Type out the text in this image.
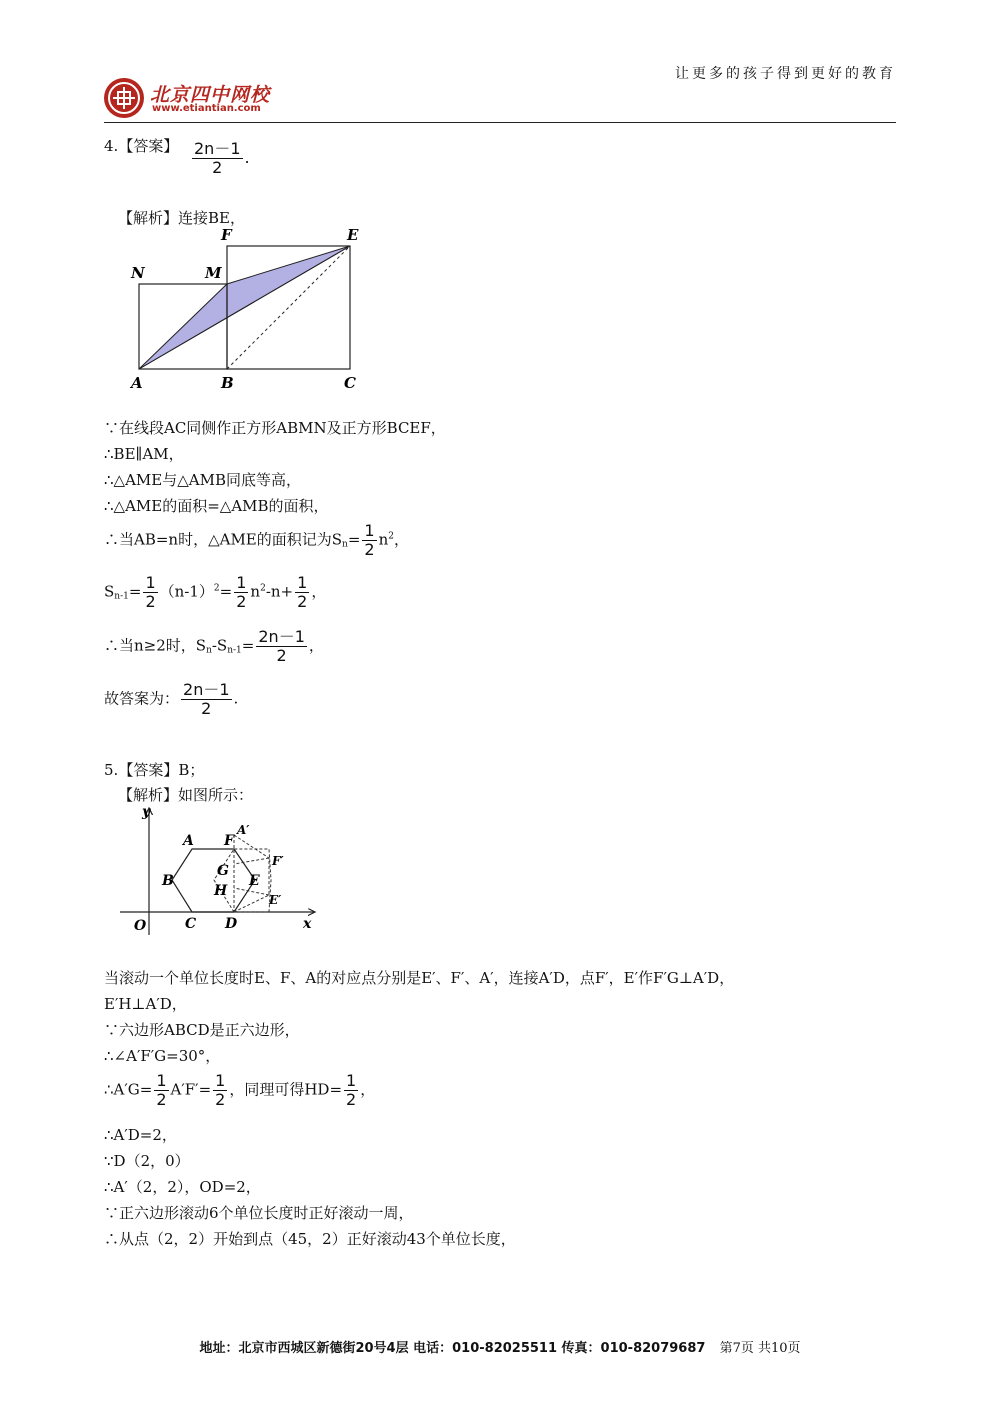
北京四中网校
www.etiantian.com
让更多的孩子得到更好的教育
4.【答案】 $\frac{2n-1}{2}$ .
【解析】连接BE，
F	E
N	M
A	B	C
∵在线段AC同侧作正方形ABMN及正方形BCEF，
∴BE∥AM，
∴△AME与△AMB同底等高，
∴△AME的面积=△AMB的面积，
∴当AB=n时，△AME的面积记为$S_n= \frac{1}{2} n^2$，
$S_{n-1}= \frac{1}{2} (n-1)^2= \frac{1}{2} n^2-n+ \frac{1}{2}$ ，
∴当n≥2时，$S_n-S_{n-1}= \frac{2n-1}{2}$ ，
故答案为： $\frac{2n-1}{2}$ .
5.【答案】B；
【解析】如图所示：
y
A F
A′
F′
B
G
H
E
E′
O	C D	x
当滚动一个单位长度时E、F、A的对应点分别是E′、F′、A′，连接A′D，点F′，E′作F′G⊥A′D，
E′H⊥A′D，
∵六边形ABCD是正六边形，
∴∠A′F′G=30°，
∴A′G= $\frac{1}{2} A'F'= \frac{1}{2}$ ，同理可得$HD= \frac{1}{2}$ ，
∴A′D=2，
∵D（2，0）
∴A′（2，2），OD=2，
∵正六边形滚动6个单位长度时正好滚动一周，
∴从点（2，2）开始到点（45，2）正好滚动43个单位长度，
地址：北京市西城区新德街20号4层 电话：010-82025511 传真：010-82079687 第7页 共10页
